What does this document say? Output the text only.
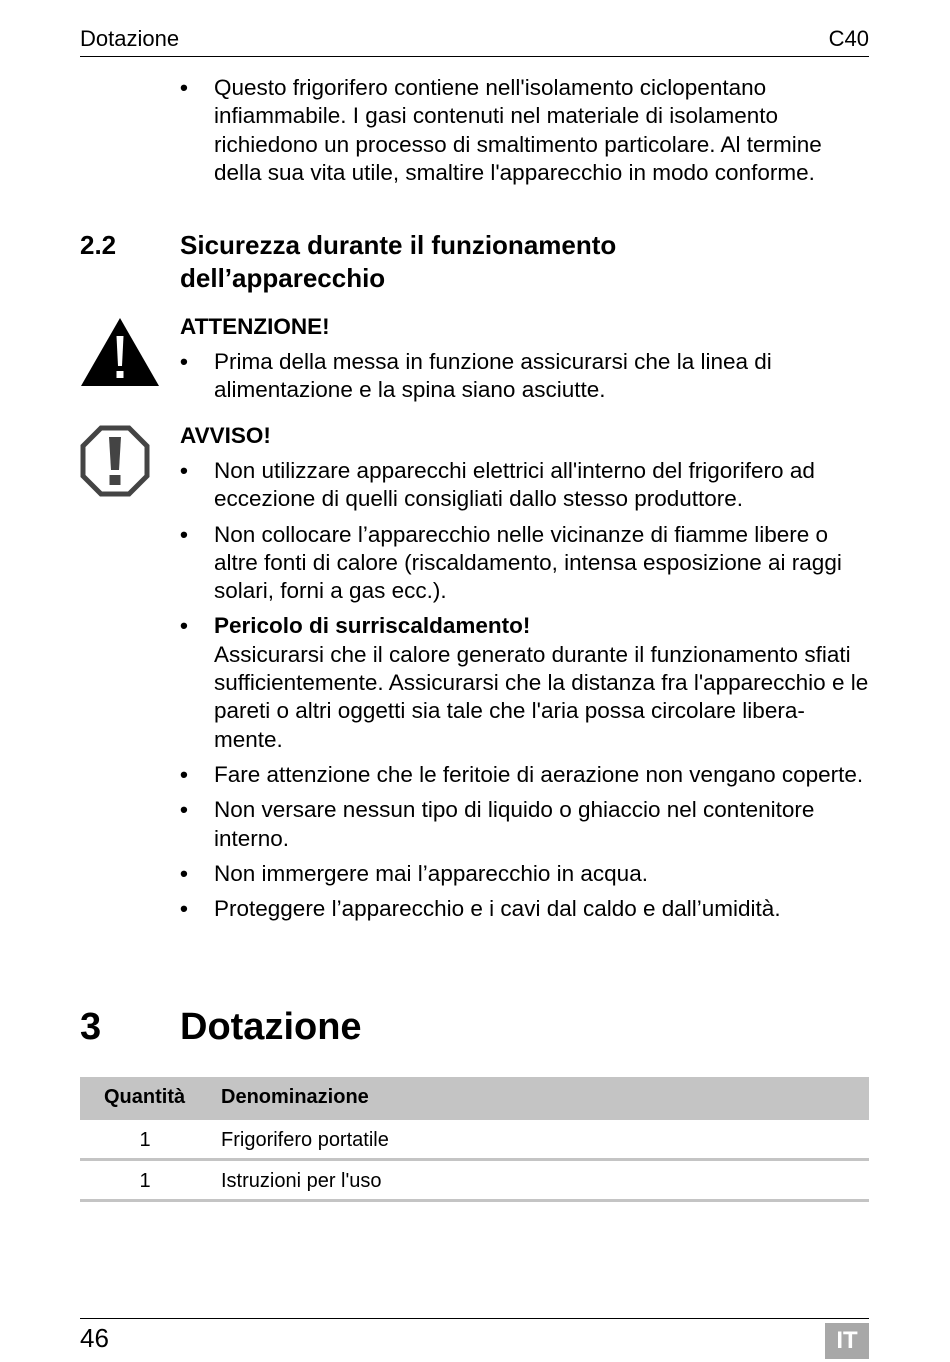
Dotazione	C40
• Questo frigorifero contiene nell'isolamento ciclopentano infiammabile. I gasi contenuti nel materiale di isolamento richiedono un processo di smaltimento particolare. Al termine della sua vita utile, smaltire l'apparecchio in modo conforme.
2.2 Sicurezza durante il funzionamento dell’apparecchio
ATTENZIONE!
• Prima della messa in funzione assicurarsi che la linea di alimentazione e la spina siano asciutte.
AVVISO!
• Non utilizzare apparecchi elettrici all'interno del frigorifero ad eccezione di quelli consigliati dallo stesso produttore.
• Non collocare l’apparecchio nelle vicinanze di fiamme libere o altre fonti di calore (riscaldamento, intensa esposizione ai raggi solari, forni a gas ecc.).
• Pericolo di surriscaldamento!
Assicurarsi che il calore generato durante il funzionamento sfiati sufficientemente. Assicurarsi che la distanza fra l'apparecchio e le pareti o altri oggetti sia tale che l'aria possa circolare libera-mente.
• Fare attenzione che le feritoie di aerazione non vengano coperte.
• Non versare nessun tipo di liquido o ghiaccio nel contenitore interno.
• Non immergere mai l’apparecchio in acqua.
• Proteggere l’apparecchio e i cavi dal caldo e dall’umidità.
3 Dotazione
Quantità Denominazione
1	Frigorifero portatile
1	Istruzioni per l'uso
46	IT
